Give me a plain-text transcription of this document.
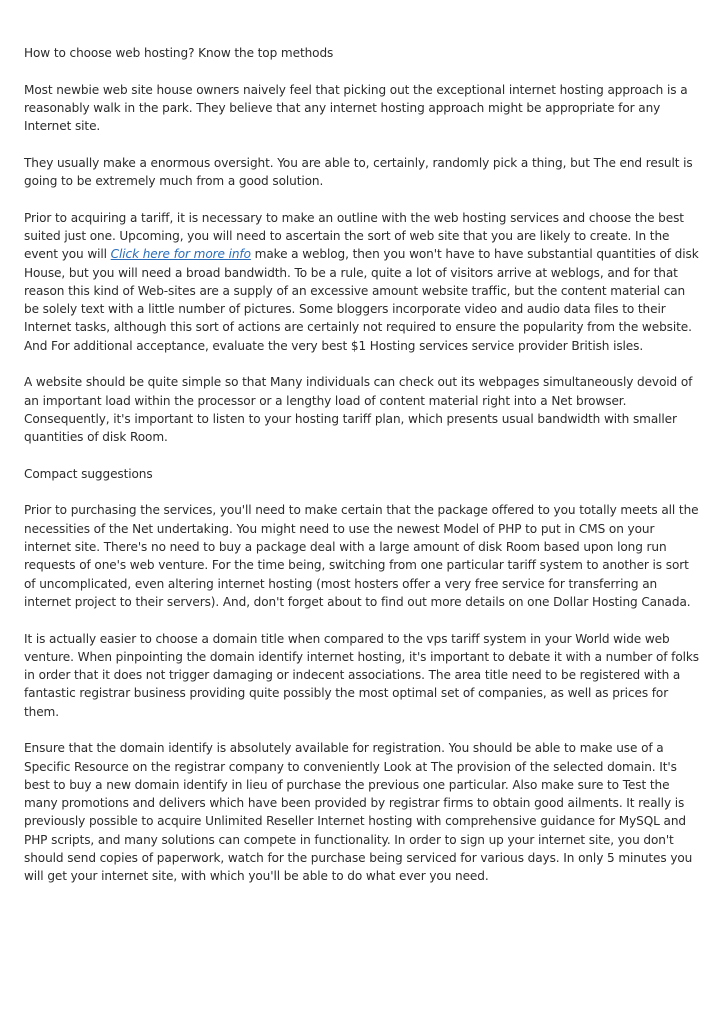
How to choose web hosting? Know the top methods

Most newbie web site house owners naively feel that picking out the exceptional internet hosting approach is a reasonably walk in the park. They believe that any internet hosting approach might be appropriate for any Internet site.

They usually make a enormous oversight. You are able to, certainly, randomly pick a thing, but The end result is going to be extremely much from a good solution.

Prior to acquiring a tariff, it is necessary to make an outline with the web hosting services and choose the best suited just one. Upcoming, you will need to ascertain the sort of web site that you are likely to create. In the event you will Click here for more info make a weblog, then you won't have to have substantial quantities of disk House, but you will need a broad bandwidth. To be a rule, quite a lot of visitors arrive at weblogs, and for that reason this kind of Web-sites are a supply of an excessive amount website traffic, but the content material can be solely text with a little number of pictures. Some bloggers incorporate video and audio data files to their Internet tasks, although this sort of actions are certainly not required to ensure the popularity from the website. And For additional acceptance, evaluate the very best $1 Hosting services service provider British isles.

A website should be quite simple so that Many individuals can check out its webpages simultaneously devoid of an important load within the processor or a lengthy load of content material right into a Net browser. Consequently, it's important to listen to your hosting tariff plan, which presents usual bandwidth with smaller quantities of disk Room.

Compact suggestions

Prior to purchasing the services, you'll need to make certain that the package offered to you totally meets all the necessities of the Net undertaking. You might need to use the newest Model of PHP to put in CMS on your internet site. There's no need to buy a package deal with a large amount of disk Room based upon long run requests of one's web venture. For the time being, switching from one particular tariff system to another is sort of uncomplicated, even altering internet hosting (most hosters offer a very free service for transferring an internet project to their servers). And, don't forget about to find out more details on one Dollar Hosting Canada.

It is actually easier to choose a domain title when compared to the vps tariff system in your World wide web venture. When pinpointing the domain identify internet hosting, it's important to debate it with a number of folks in order that it does not trigger damaging or indecent associations. The area title need to be registered with a fantastic registrar business providing quite possibly the most optimal set of companies, as well as prices for them.

Ensure that the domain identify is absolutely available for registration. You should be able to make use of a Specific Resource on the registrar company to conveniently Look at The provision of the selected domain. It's best to buy a new domain identify in lieu of purchase the previous one particular. Also make sure to Test the many promotions and delivers which have been provided by registrar firms to obtain good ailments. It really is previously possible to acquire Unlimited Reseller Internet hosting with comprehensive guidance for MySQL and PHP scripts, and many solutions can compete in functionality. In order to sign up your internet site, you don't should send copies of paperwork, watch for the purchase being serviced for various days. In only 5 minutes you will get your internet site, with which you'll be able to do what ever you need.
